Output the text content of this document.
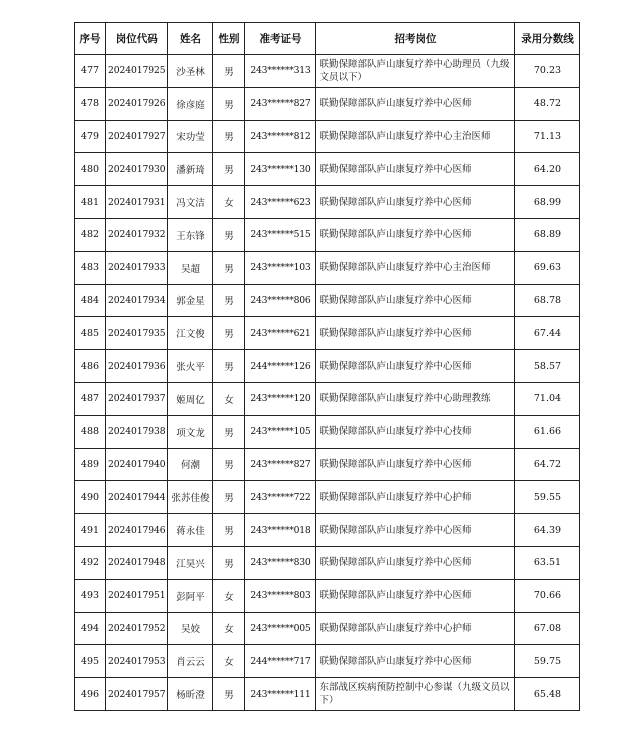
序号	岗位代码	姓名	性别	准考证号	招考岗位	录用分数线
477	2024017925	沙圣林	男	243******313	联勤保障部队庐山康复疗养中心助理员（九级文员以下）	70.23
478	2024017926	徐彦庭	男	243******827	联勤保障部队庐山康复疗养中心医师	48.72
479	2024017927	宋功莹	男	243******812	联勤保障部队庐山康复疗养中心主治医师	71.13
480	2024017930	潘新琦	男	243******130	联勤保障部队庐山康复疗养中心医师	64.20
481	2024017931	冯文洁	女	243******623	联勤保障部队庐山康复疗养中心医师	68.99
482	2024017932	王东锋	男	243******515	联勤保障部队庐山康复疗养中心医师	68.89
483	2024017933	吴超	男	243******103	联勤保障部队庐山康复疗养中心主治医师	69.63
484	2024017934	郭金星	男	243******806	联勤保障部队庐山康复疗养中心医师	68.78
485	2024017935	江文俊	男	243******621	联勤保障部队庐山康复疗养中心医师	67.44
486	2024017936	张火平	男	244******126	联勤保障部队庐山康复疗养中心医师	58.57
487	2024017937	姬周亿	女	243******120	联勤保障部队庐山康复疗养中心助理教练	71.04
488	2024017938	项文龙	男	243******105	联勤保障部队庐山康复疗养中心技师	61.66
489	2024017940	何潮	男	243******827	联勤保障部队庐山康复疗养中心医师	64.72
490	2024017944	张苏佳俊	男	243******722	联勤保障部队庐山康复疗养中心护师	59.55
491	2024017946	蒋永佳	男	243******018	联勤保障部队庐山康复疗养中心医师	64.39
492	2024017948	江昊兴	男	243******830	联勤保障部队庐山康复疗养中心医师	63.51
493	2024017951	彭阿平	女	243******803	联勤保障部队庐山康复疗养中心医师	70.66
494	2024017952	吴姣	女	243******005	联勤保障部队庐山康复疗养中心护师	67.08
495	2024017953	肖云云	女	244******717	联勤保障部队庐山康复疗养中心医师	59.75
496	2024017957	杨昕澄	男	243******111	东部战区疾病预防控制中心参谋（九级文员以下）	65.48
